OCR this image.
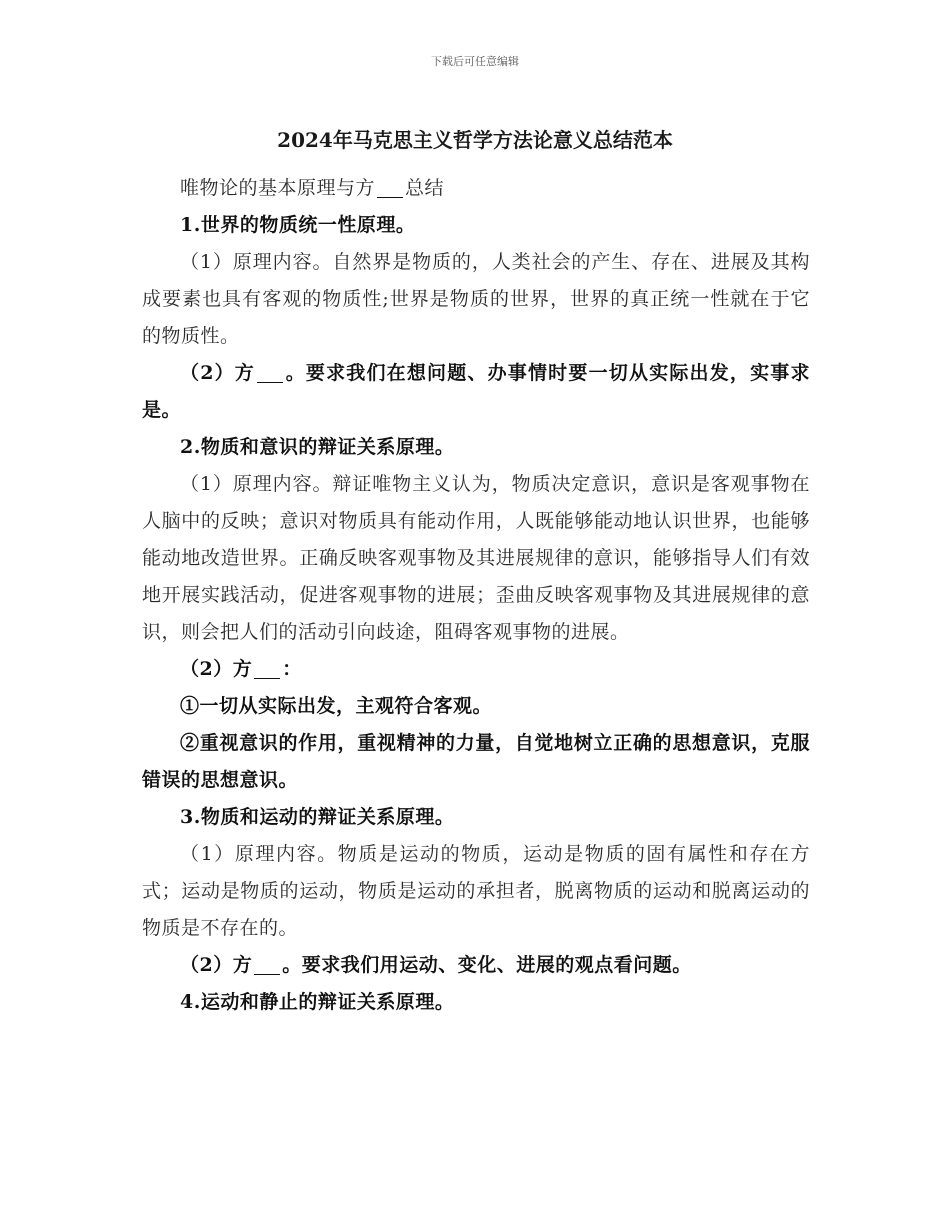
下载后可任意编辑
2024年马克思主义哲学方法论意义总结范本

唯物论的基本原理与方 总结

1.世界的物质统一性原理。

（1）原理内容。自然界是物质的，人类社会的产生、存在、进展及其构成要素也具有客观的物质性;世界是物质的世界，世界的真正统一性就在于它的物质性。

（2）方 。要求我们在想问题、办事情时要一切从实际出发，实事求是。

2.物质和意识的辩证关系原理。

（1）原理内容。辩证唯物主义认为，物质决定意识，意识是客观事物在人脑中的反映；意识对物质具有能动作用，人既能够能动地认识世界，也能够能动地改造世界。正确反映客观事物及其进展规律的意识，能够指导人们有效地开展实践活动，促进客观事物的进展；歪曲反映客观事物及其进展规律的意识，则会把人们的活动引向歧途，阻碍客观事物的进展。

（2）方 ：

①一切从实际出发，主观符合客观。

②重视意识的作用，重视精神的力量，自觉地树立正确的思想意识，克服错误的思想意识。

3.物质和运动的辩证关系原理。

（1）原理内容。物质是运动的物质，运动是物质的固有属性和存在方式；运动是物质的运动，物质是运动的承担者，脱离物质的运动和脱离运动的物质是不存在的。

（2）方 。要求我们用运动、变化、进展的观点看问题。

4.运动和静止的辩证关系原理。
